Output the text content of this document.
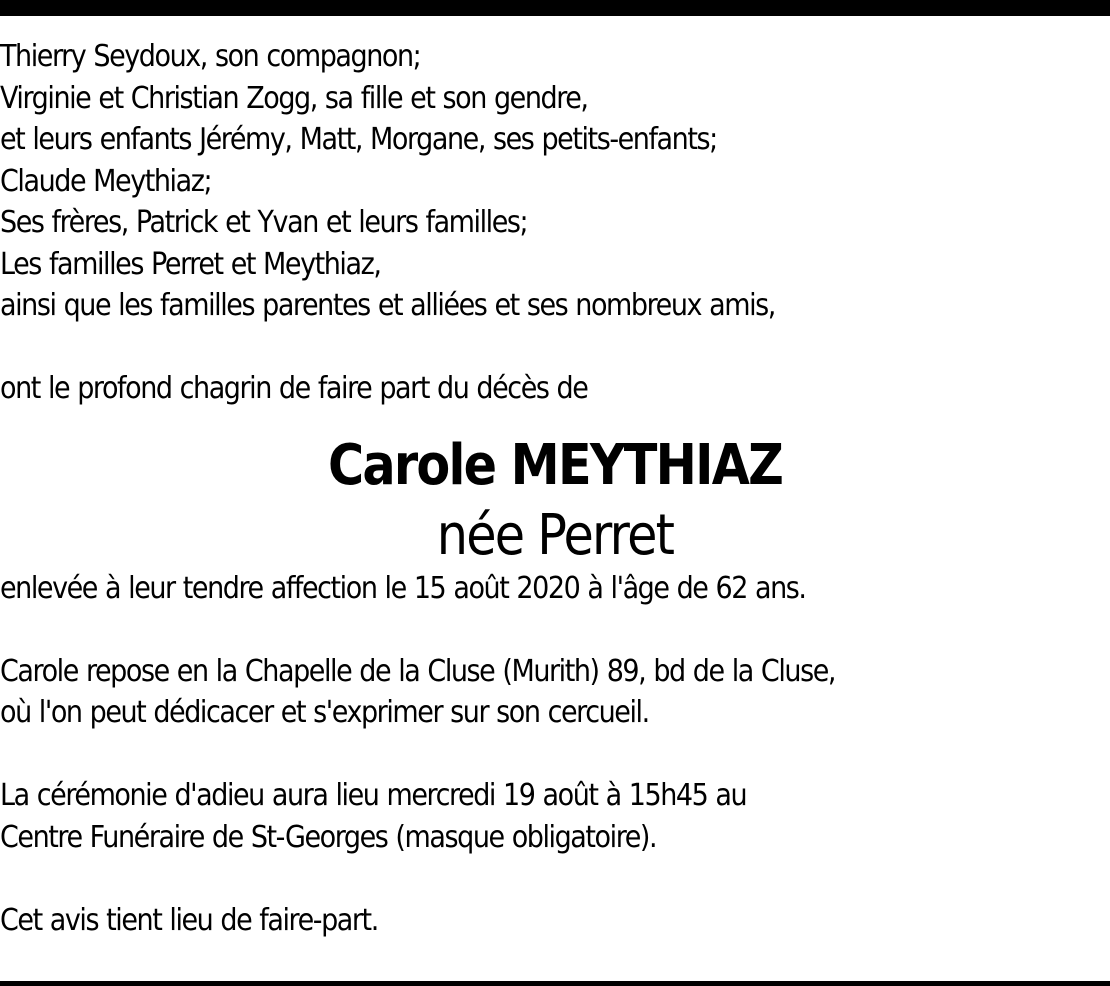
Thierry Seydoux, son compagnon;
Virginie et Christian Zogg, sa fille et son gendre,
et leurs enfants Jérémy, Matt, Morgane, ses petits-enfants;
Claude Meythiaz;
Ses frères, Patrick et Yvan et leurs familles;
Les familles Perret et Meythiaz,
ainsi que les familles parentes et alliées et ses nombreux amis,
ont le profond chagrin de faire part du décès de
Carole MEYTHIAZ
née Perret
enlevée à leur tendre affection le 15 août 2020 à l'âge de 62 ans.
Carole repose en la Chapelle de la Cluse (Murith) 89, bd de la Cluse,
où l'on peut dédicacer et s'exprimer sur son cercueil.
La cérémonie d'adieu aura lieu mercredi 19 août à 15h45 au
Centre Funéraire de St-Georges (masque obligatoire).
Cet avis tient lieu de faire-part.
